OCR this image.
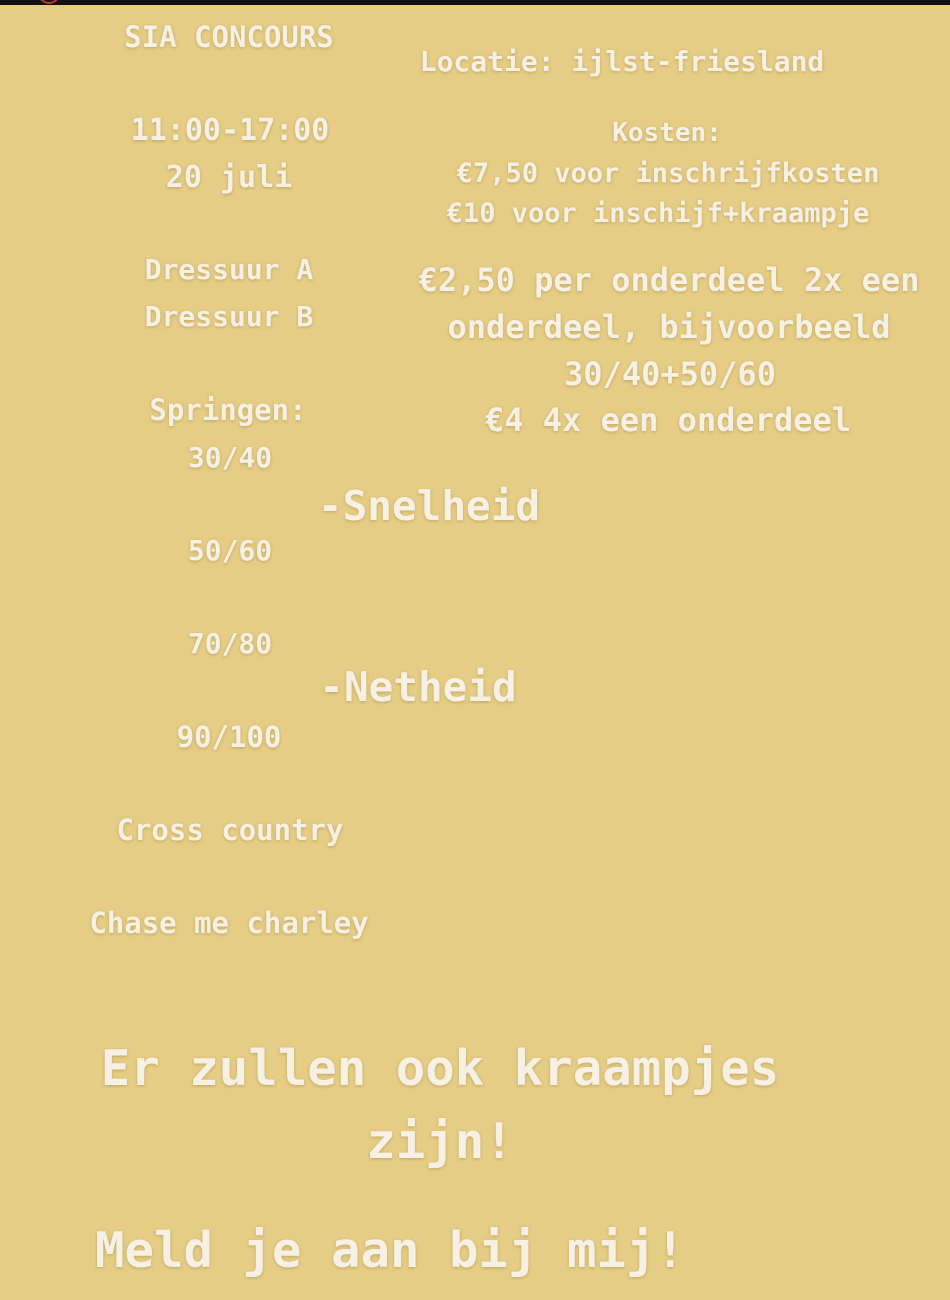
SIA CONCOURS
11:00-17:00
20 juli
Dressuur A
Dressuur B
Springen:
30/40
50/60
70/80
90/100
Cross country
Chase me charley
-Snelheid
-Netheid
Locatie: ijlst-friesland
Kosten:
€7,50 voor inschrijfkosten
€10 voor inschijf+kraampje
€2,50 per onderdeel 2x een
onderdeel, bijvoorbeeld
30/40+50/60
€4 4x een onderdeel
Er zullen ook kraampjes
zijn!
Meld je aan bij mij!
